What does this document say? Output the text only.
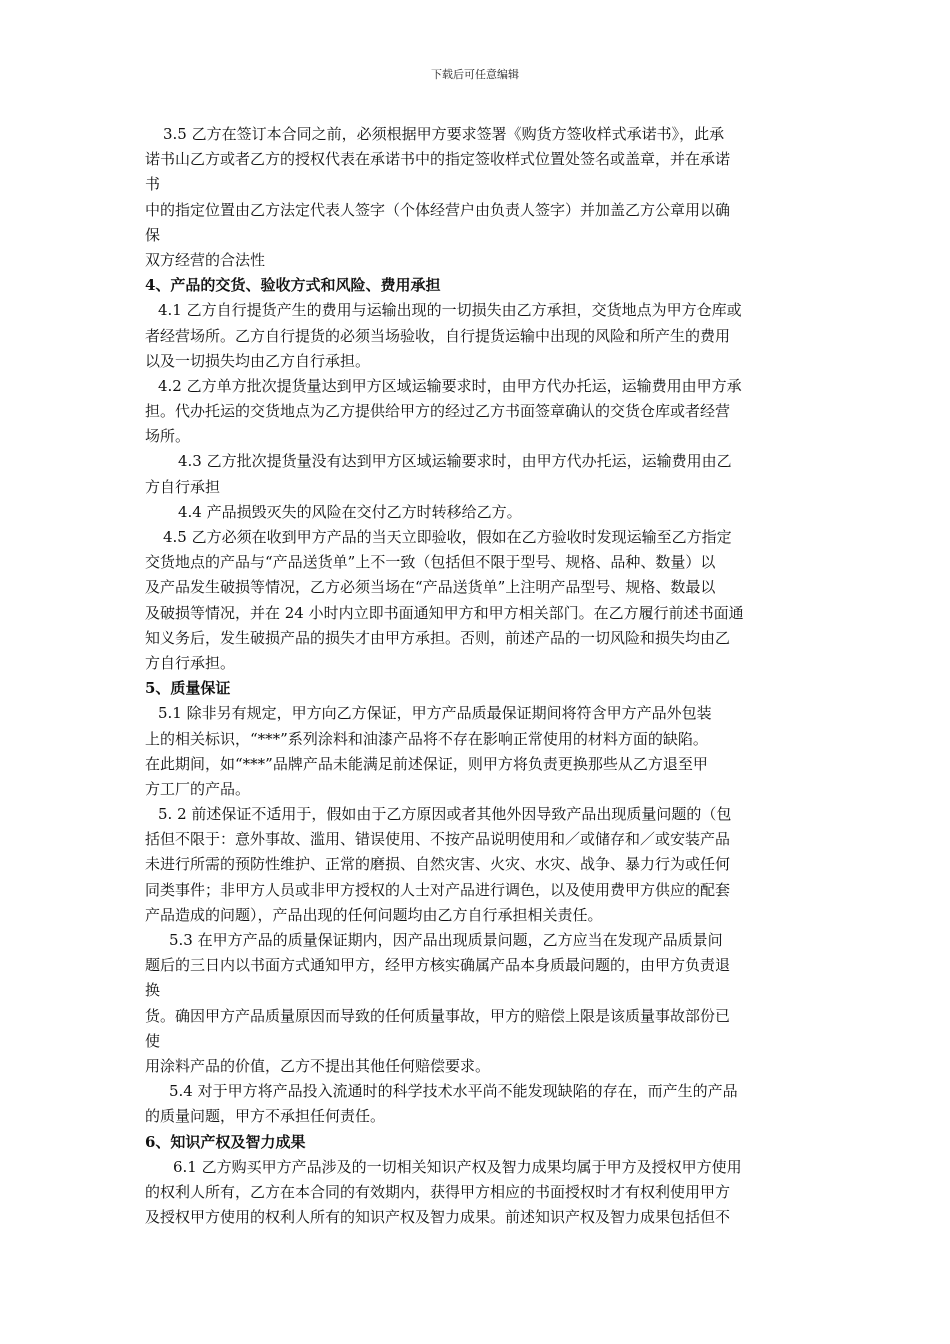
下载后可任意编辑
3.5 乙方在签订本合同之前，必须根据甲方要求签署《购货方签收样式承诺书》，此承
诺书山乙方或者乙方的授权代表在承诺书中的指定签收样式位置处签名或盖章，并在承诺
书
中的指定位置由乙方法定代表人签字（个体经营户由负责人签字）并加盖乙方公章用以确
保
双方经营的合法性
4、产品的交货、验收方式和风险、费用承担
4.1 乙方自行提货产生的费用与运输出现的一切损失由乙方承担，交货地点为甲方仓库或
者经营场所。乙方自行提货的必须当场验收，自行提货运输中出现的风险和所产生的费用
以及一切损失均由乙方自行承担。
4.2 乙方单方批次提货量达到甲方区域运输要求时，由甲方代办托运，运输费用由甲方承
担。代办托运的交货地点为乙方提供给甲方的经过乙方书面签章确认的交货仓库或者经营
场所。
4.3 乙方批次提货量没有达到甲方区域运输要求时，由甲方代办托运，运输费用由乙
方自行承担
4.4 产品损毁灭失的风险在交付乙方时转移给乙方。
4.5 乙方必须在收到甲方产品的当天立即验收，假如在乙方验收时发现运输至乙方指定
交货地点的产品与“产品送货单”上不一致（包括但不限于型号、规格、品种、数量）以
及产品发生破损等情况，乙方必须当场在“产品送货单”上注明产品型号、规格、数最以
及破损等情况，并在 24 小时内立即书面通知甲方和甲方相关部门。在乙方履行前述书面通
知义务后，发生破损产品的损失才由甲方承担。否则，前述产品的一切风险和损失均由乙
方自行承担。
5、质量保证
5.1 除非另有规定，甲方向乙方保证，甲方产品质最保证期间将符含甲方产品外包装
上的相关标识，“***”系列涂料和油漆产品将不存在影响正常使用的材料方面的缺陷。
在此期间，如“***”品牌产品未能满足前述保证，则甲方将负责更换那些从乙方退至甲
方工厂的产品。
5. 2 前述保证不适用于，假如由于乙方原因或者其他外因导致产品出现质量问题的（包
括但不限于：意外事故、滥用、错误使用、不按产品说明使用和／或储存和／或安装产品
未进行所需的预防性维护、正常的磨损、自然灾害、火灾、水灾、战争、暴力行为或任何
同类事件；非甲方人员或非甲方授权的人士对产品进行调色，以及使用费甲方供应的配套
产品造成的问题），产品出现的任何问题均由乙方自行承担相关责任。
5.3 在甲方产品的质量保证期内，因产品出现质景问题，乙方应当在发现产品质景问
题后的三日内以书面方式通知甲方，经甲方核实确属产品本身质最问题的，由甲方负责退
换
货。确因甲方产品质量原因而导致的任何质量事故，甲方的赔偿上限是该质量事故部份已
使
用涂料产品的价值，乙方不提出其他任何赔偿要求。
5.4 对于甲方将产品投入流通时的科学技术水平尚不能发现缺陷的存在，而产生的产品
的质量问题，甲方不承担任何责任。
6、知识产权及智力成果
6.1 乙方购买甲方产品涉及的一切相关知识产权及智力成果均属于甲方及授权甲方使用
的权利人所有，乙方在本合同的有效期内，获得甲方相应的书面授权时才有权利使用甲方
及授权甲方使用的权利人所有的知识产权及智力成果。前述知识产权及智力成果包括但不
